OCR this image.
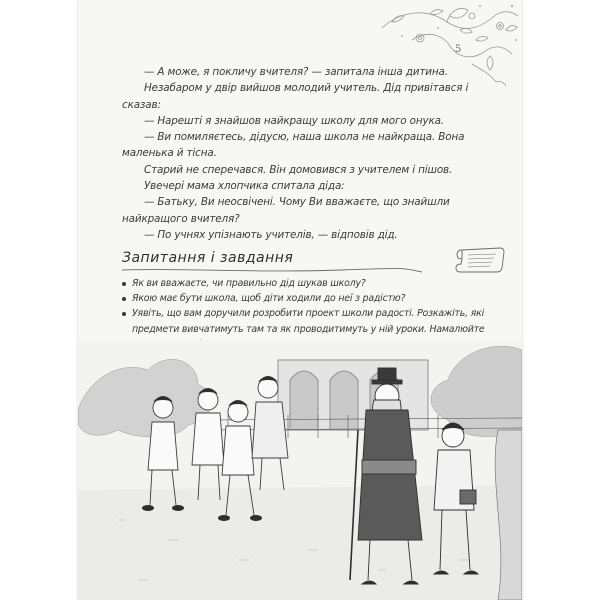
5

— А може, я покличу вчителя? — запитала інша дитина.

Незабаром у двір вийшов молодий учитель. Дід привітався і сказав:

— Нарешті я знайшов найкращу школу для мого онука.

— Ви помиляєтесь, дідусю, наша школа не найкраща. Вона маленька й тісна.

Старий не сперечався. Він домовився з учителем і пішов.

Увечері мама хлопчика спитала діда:

— Батьку, Ви неосвічені. Чому Ви вважаєте, що знайшли найкращого вчителя?

— По учнях упізнають учителів, — відповів дід.

Запитання і завдання
Як ви вважаєте, чи правильно дід шукав школу?
Якою має бути школа, щоб діти ходили до неї з радістю?
Уявіть, що вам доручили розробити проект школи радості. Розкажіть, які предмети вивчатимуть там та як проводитимуть у ній уроки. Намалюйте
